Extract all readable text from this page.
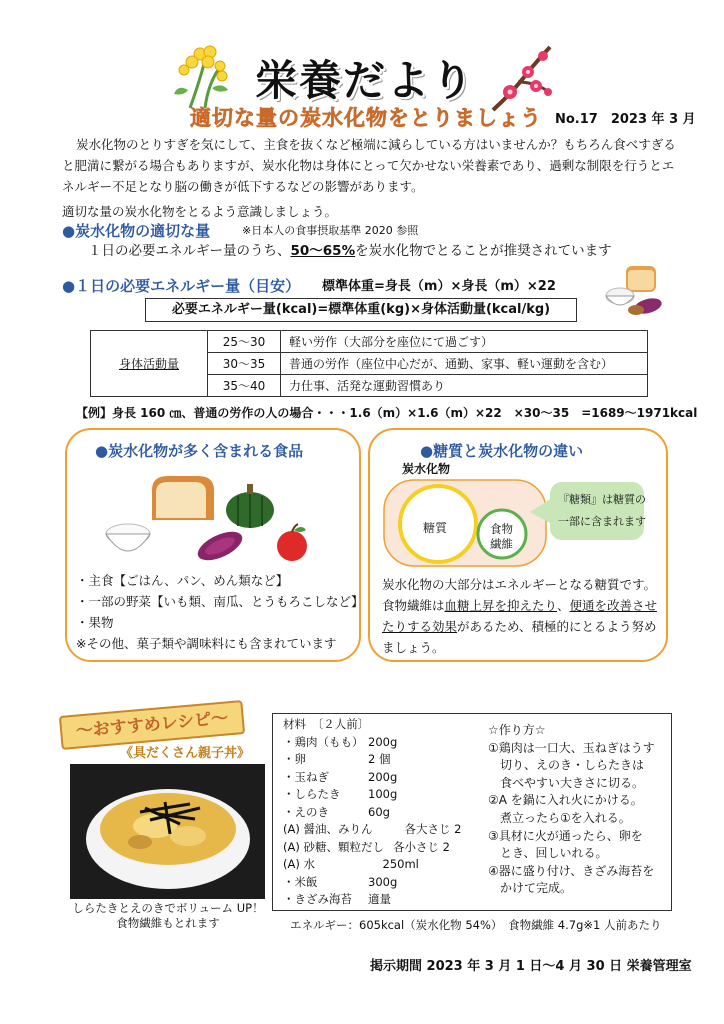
栄養だより
適切な量の炭水化物をとりましょう No.17　2023 年 3 月
炭水化物のとりすぎを気にして、主食を抜くなど極端に減らしている方はいませんか？もちろん食べすぎると肥満に繋がる場合もありますが、炭水化物は身体にとって欠かせない栄養素であり、過剰な制限を行うとエネルギー不足となり脳の働きが低下するなどの影響があります。
適切な量の炭水化物をとるよう意識しましょう。
●炭水化物の適切な量	※日本人の食事摂取基準 2020 参照
１日の必要エネルギー量のうち、50～65%を炭水化物でとることが推奨されています
●１日の必要エネルギー量（目安） 標準体重=身長（m）×身長（m）×22
必要エネルギー量(kcal)=標準体重(kg)×身体活動量(kcal/kg)
身体活動量	25～30	軽い労作（大部分を座位にて過ごす）
	30～35	普通の労作（座位中心だが、通勤、家事、軽い運動を含む）
	35～40	力仕事、活発な運動習慣あり
【例】身長 160 ㎝、普通の労作の人の場合・・・1.6（m）×1.6（m）×22　×30～35　=1689～1971kcal
●炭水化物が多く含まれる食品
・主食【ごはん、パン、めん類など】
・一部の野菜【いも類、南瓜、とうもろこしなど】
・果物
※その他、菓子類や調味料にも含まれています
●糖質と炭水化物の違い
炭水化物
糖質	食物
繊維
『糖類』は糖質の
一部に含まれます
炭水化物の大部分はエネルギーとなる糖質です。食物繊維は血糖上昇を抑えたり、便通を改善させたりする効果があるため、積極的にとるよう努めましょう。
～おすすめレシピ～
《具だくさん親子丼》
しらたきとえのきでボリューム UP！
食物繊維もとれます
材料　〔２人前〕
・鶏肉（もも） 200g
・卵	2 個
・玉ねぎ	200g
・しらたき	100g
・えのき	60g
(A) 醤油、みりん	　各大さじ 2
(A) 砂糖、顆粒だし 各小さじ 2
(A) 水	　　　250ml
・米飯	300g
・きざみ海苔	適量
☆作り方☆
①鶏肉は一口大、玉ねぎはうす
　切り、えのき・しらたきは
　食べやすい大きさに切る。
②A を鍋に入れ火にかける。
　煮立ったら①を入れる。
③具材に火が通ったら、卵を
　とき、回しいれる。
④器に盛り付け、きざみ海苔を
　かけて完成。
エネルギー：605kcal（炭水化物 54%）　食物繊維 4.7g※1 人前あたり
掲示期間 2023 年 3 月 1 日～4 月 30 日 栄養管理室
